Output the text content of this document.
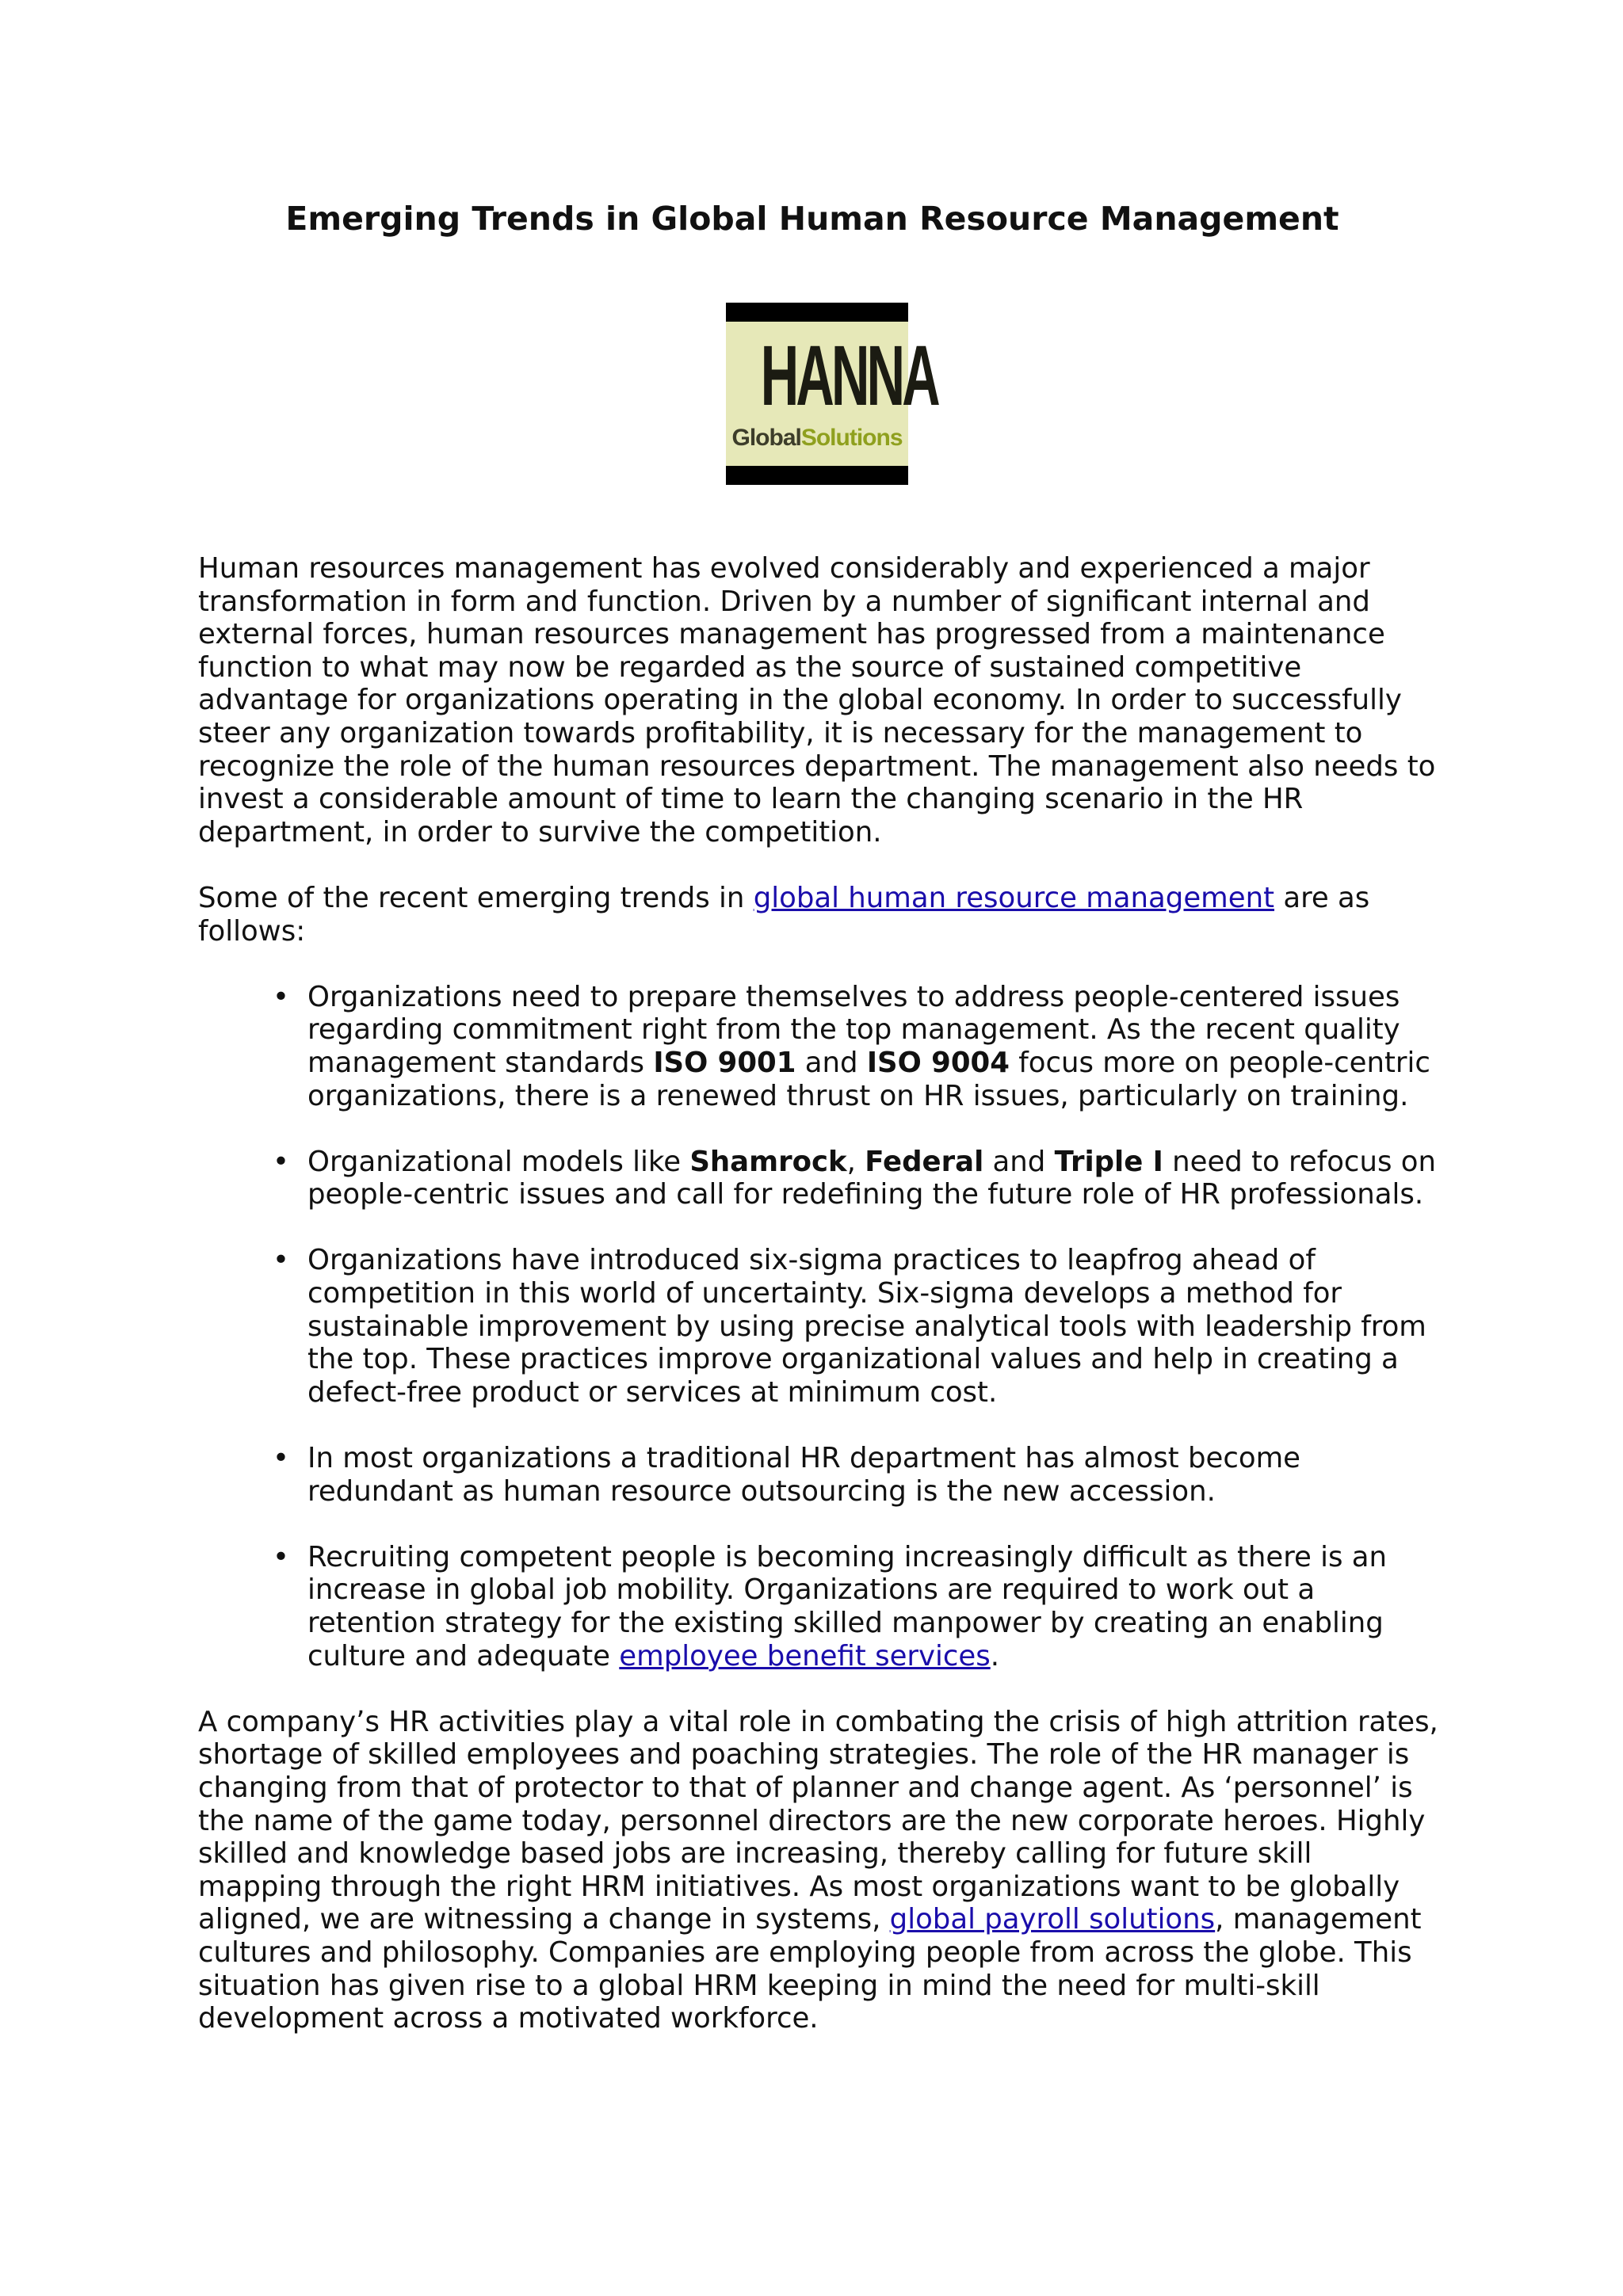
Emerging Trends in Global Human Resource Management
HANNA
GlobalSolutions

Human resources management has evolved considerably and experienced a major transformation in form and function. Driven by a number of significant internal and external forces, human resources management has progressed from a maintenance function to what may now be regarded as the source of sustained competitive advantage for organizations operating in the global economy. In order to successfully steer any organization towards profitability, it is necessary for the management to recognize the role of the human resources department. The management also needs to invest a considerable amount of time to learn the changing scenario in the HR department, in order to survive the competition.

Some of the recent emerging trends in global human resource management are as follows:

• Organizations need to prepare themselves to address people-centered issues regarding commitment right from the top management. As the recent quality management standards ISO 9001 and ISO 9004 focus more on people-centric organizations, there is a renewed thrust on HR issues, particularly on training.
• Organizational models like Shamrock, Federal and Triple I need to refocus on people-centric issues and call for redefining the future role of HR professionals.
• Organizations have introduced six-sigma practices to leapfrog ahead of competition in this world of uncertainty. Six-sigma develops a method for sustainable improvement by using precise analytical tools with leadership from the top. These practices improve organizational values and help in creating a defect-free product or services at minimum cost.
• In most organizations a traditional HR department has almost become redundant as human resource outsourcing is the new accession.
• Recruiting competent people is becoming increasingly difficult as there is an increase in global job mobility. Organizations are required to work out a retention strategy for the existing skilled manpower by creating an enabling culture and adequate employee benefit services.

A company’s HR activities play a vital role in combating the crisis of high attrition rates, shortage of skilled employees and poaching strategies. The role of the HR manager is changing from that of protector to that of planner and change agent. As ‘personnel’ is the name of the game today, personnel directors are the new corporate heroes. Highly skilled and knowledge based jobs are increasing, thereby calling for future skill mapping through the right HRM initiatives. As most organizations want to be globally aligned, we are witnessing a change in systems, global payroll solutions, management cultures and philosophy. Companies are employing people from across the globe. This situation has given rise to a global HRM keeping in mind the need for multi-skill development across a motivated workforce.
